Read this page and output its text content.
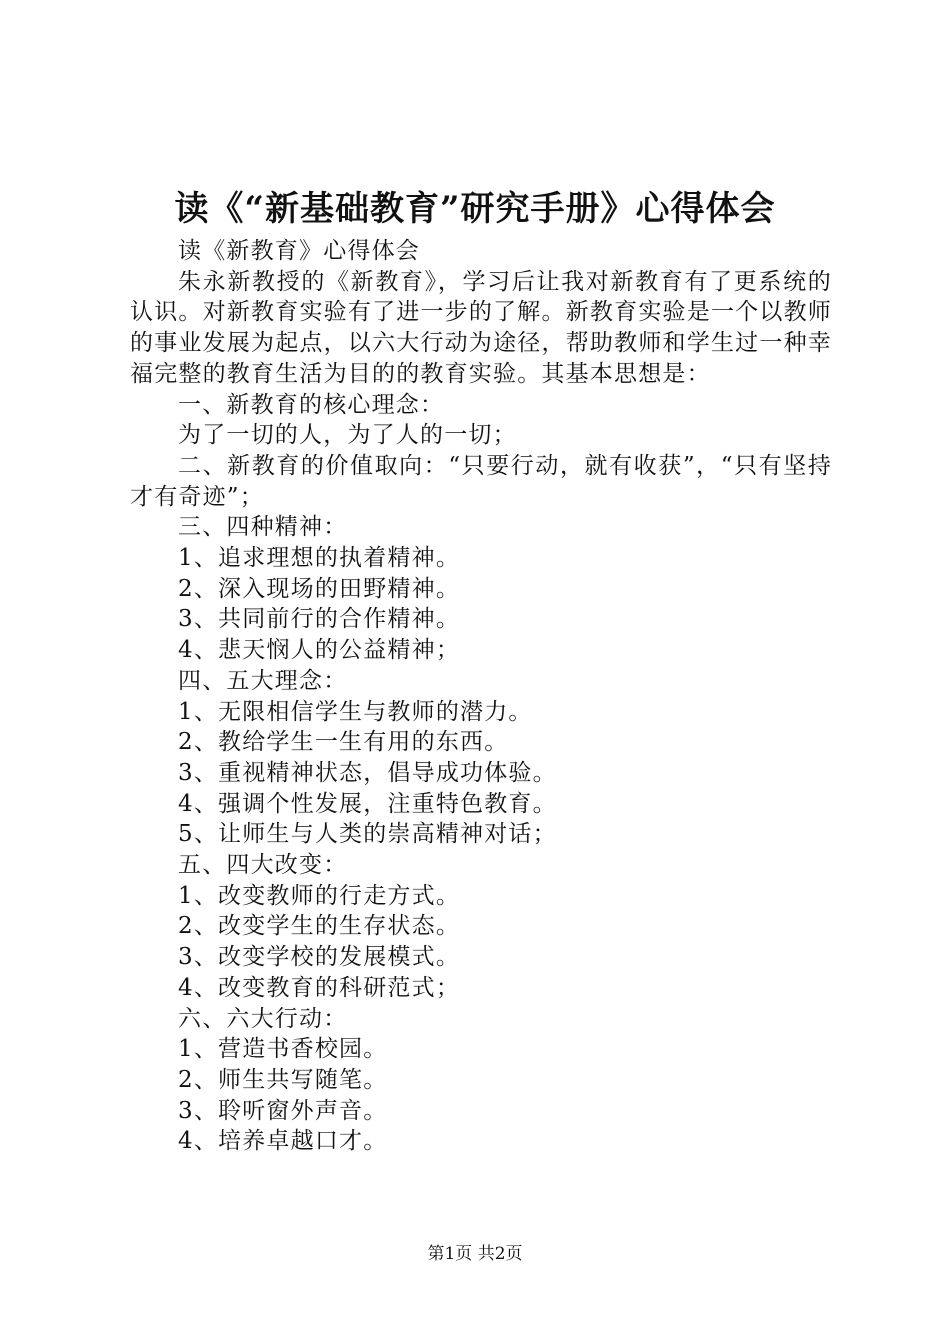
读《“新基础教育”研究手册》心得体会

读《新教育》心得体会

朱永新教授的《新教育》，学习后让我对新教育有了更系统的认识。对新教育实验有了进一步的了解。新教育实验是一个以教师的事业发展为起点，以六大行动为途径，帮助教师和学生过一种幸福完整的教育生活为目的的教育实验。其基本思想是：

一、新教育的核心理念：

为了一切的人，为了人的一切；

二、新教育的价值取向：“只要行动，就有收获”，“只有坚持才有奇迹”；

三、四种精神：

1、追求理想的执着精神。

2、深入现场的田野精神。

3、共同前行的合作精神。

4、悲天悯人的公益精神；

四、五大理念：

1、无限相信学生与教师的潜力。

2、教给学生一生有用的东西。

3、重视精神状态，倡导成功体验。

4、强调个性发展，注重特色教育。

5、让师生与人类的崇高精神对话；

五、四大改变：

1、改变教师的行走方式。

2、改变学生的生存状态。

3、改变学校的发展模式。

4、改变教育的科研范式；

六、六大行动：

1、营造书香校园。

2、师生共写随笔。

3、聆听窗外声音。

4、培养卓越口才。

第1页 共2页
